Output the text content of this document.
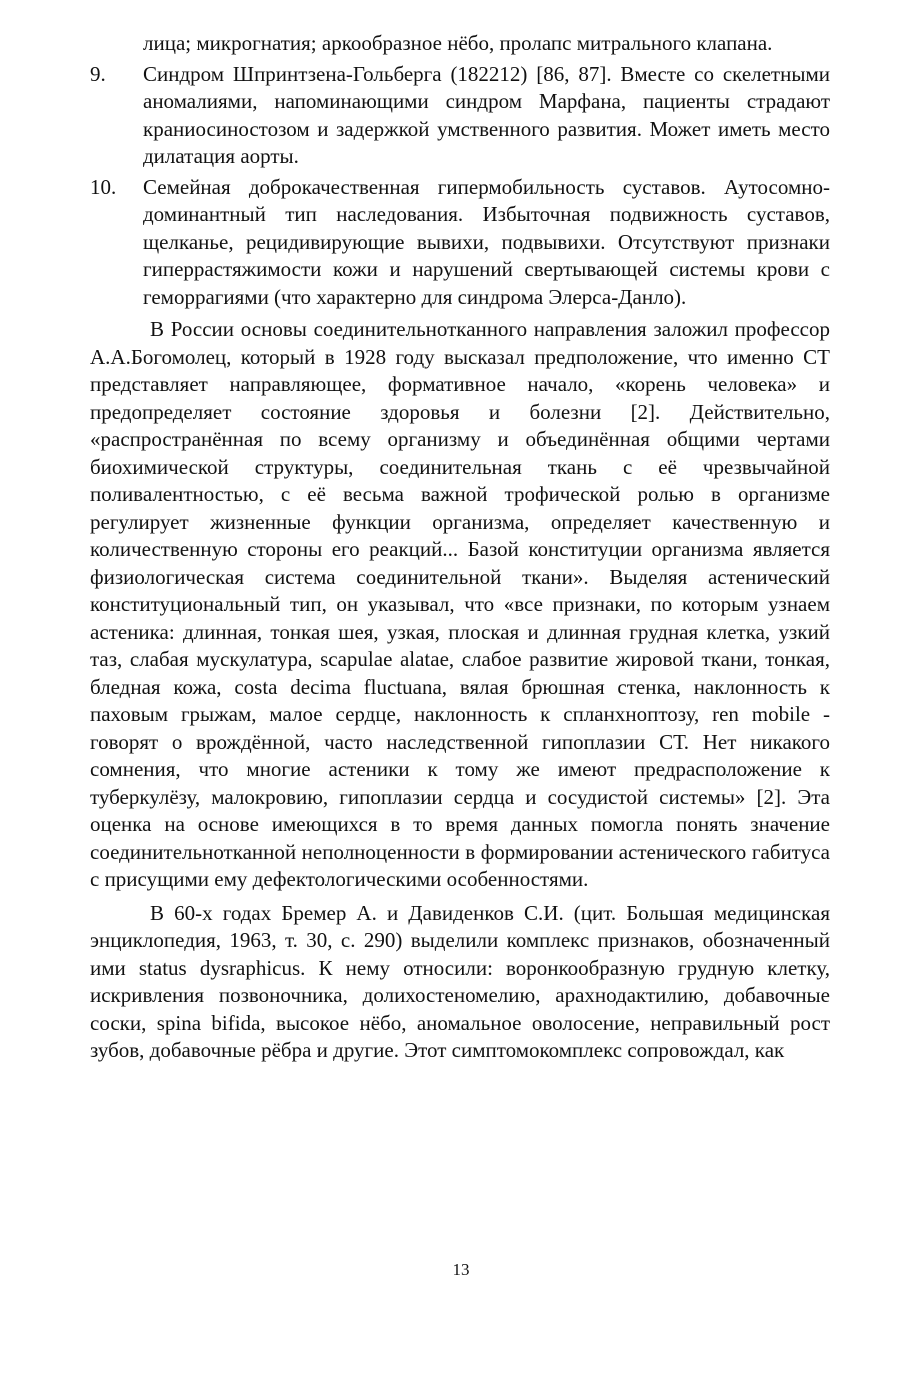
лица; микрогнатия; аркообразное нёбо, пролапс митрального клапана.
9. Синдром Шпринтзена-Гольберга (182212) [86, 87]. Вместе со скелетными аномалиями, напоминающими синдром Марфана, пациенты страдают краниосиностозом и задержкой умственного развития. Может иметь место дилатация аорты.
10. Семейная доброкачественная гипермобильность суставов. Аутосомно-доминантный тип наследования. Избыточная подвижность суставов, щелканье, рецидивирующие вывихи, подвывихи. Отсутствуют признаки гиперрастяжимости кожи и нарушений свертывающей системы крови с геморрагиями (что характерно для синдрома Элерса-Данло).

В России основы соединительнотканного направления заложил профессор А.А.Богомолец, который в 1928 году высказал предположение, что именно СТ представляет направляющее, формативное начало, «корень человека» и предопределяет состояние здоровья и болезни [2]. Действительно, «распространённая по всему организму и объединённая общими чертами биохимической структуры, соединительная ткань с её чрезвычайной поливалентностью, с её весьма важной трофической ролью в организме регулирует жизненные функции организма, определяет качественную и количественную стороны его реакций... Базой конституции организма является физиологическая система соединительной ткани». Выделяя астенический конституциональный тип, он указывал, что «все признаки, по которым узнаем астеника: длинная, тонкая шея, узкая, плоская и длинная грудная клетка, узкий таз, слабая мускулатура, scapulae alatae, слабое развитие жировой ткани, тонкая, бледная кожа, costa decima fluctuana, вялая брюшная стенка, наклонность к паховым грыжам, малое сердце, наклонность к спланхноптозу, ren mobile - говорят о врождённой, часто наследственной гипоплазии СТ. Нет никакого сомнения, что многие астеники к тому же имеют предрасположение к туберкулёзу, малокровию, гипоплазии сердца и сосудистой системы» [2]. Эта оценка на основе имеющихся в то время данных помогла понять значение соединительнотканной неполноценности в формировании астенического габитуса с присущими ему дефектологическими особенностями.

В 60-х годах Бремер А. и Давиденков С.И. (цит. Большая медицинская энциклопедия, 1963, т. 30, с. 290) выделили комплекс признаков, обозначенный ими status dysraphicus. К нему относили: воронкообразную грудную клетку, искривления позвоночника, долихостеномелию, арахнодактилию, добавочные соски, spina bifida, высокое нёбо, аномальное оволосение, неправильный рост зубов, добавочные рёбра и другие. Этот симптомокомплекс сопровождал, как

13
